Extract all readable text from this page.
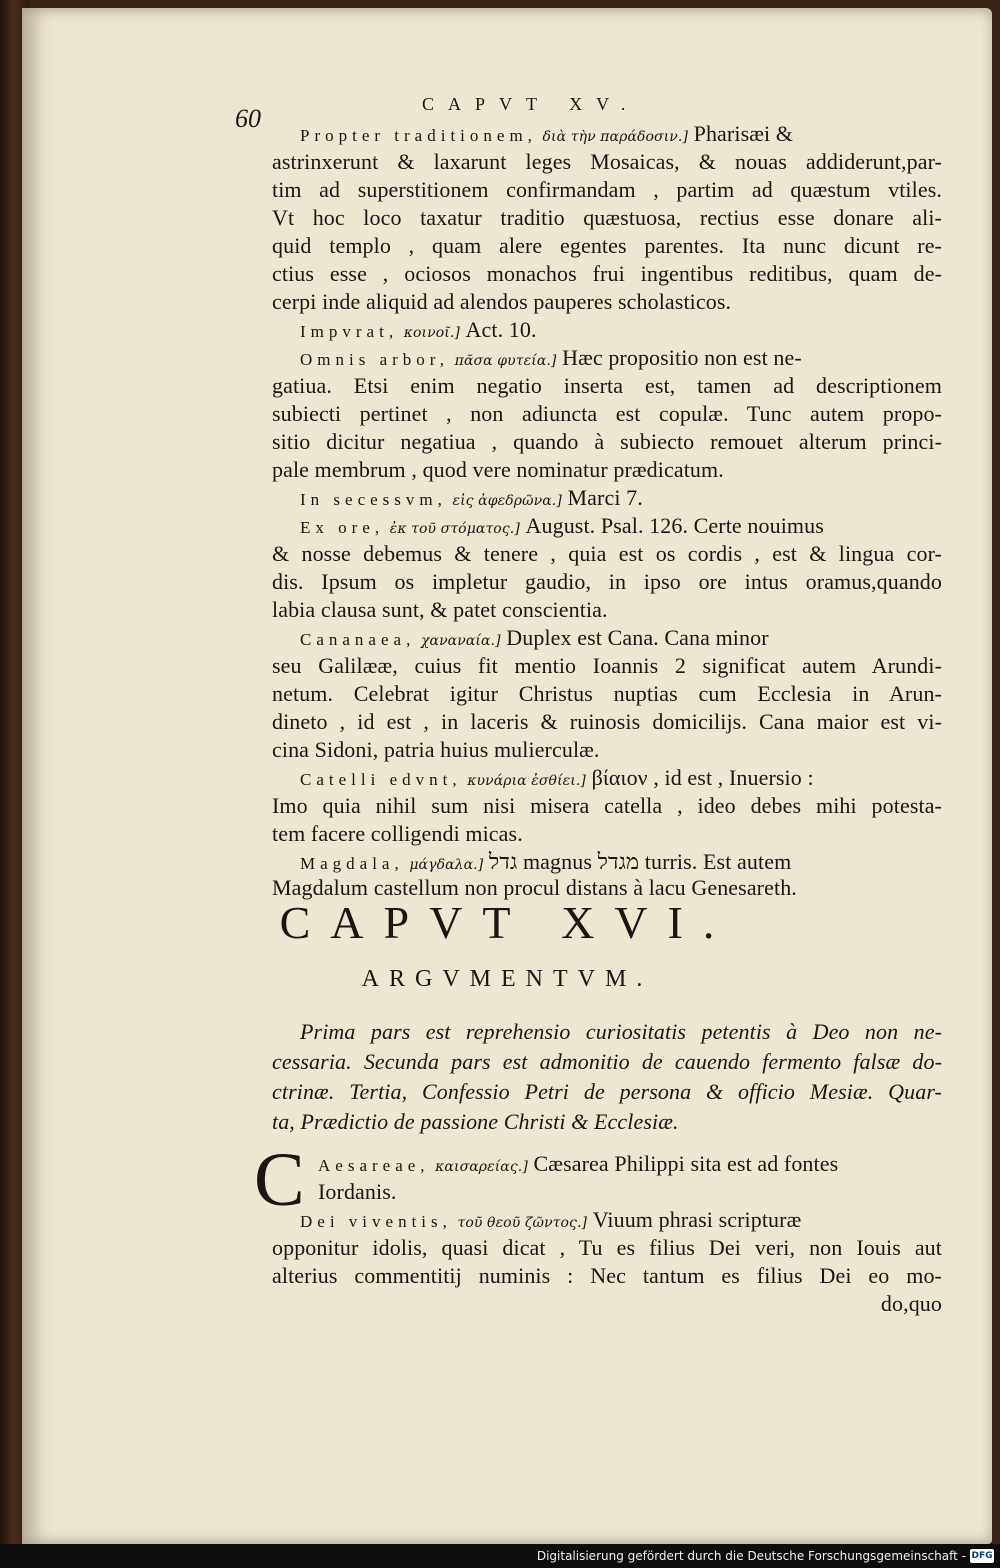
60	CAPVT XV.
Propter traditionem, διὰ τὴν παράδοσιν.] Pharisæi &
astrinxerunt & laxarunt leges Mosaicas, & nouas addiderunt,par-
tim ad superstitionem confirmandam , partim ad quæstum vtiles.
Vt hoc loco taxatur traditio quæstuosa, rectius esse donare ali-
quid templo , quam alere egentes parentes. Ita nunc dicunt re-
ctius esse , ociosos monachos frui ingentibus reditibus, quam de-
cerpi inde aliquid ad alendos pauperes scholasticos.
Impvrat, κοινοῖ.] Act. 10.
Omnis arbor, πᾶσα φυτεία.] Hæc propositio non est ne-
gatiua. Etsi enim negatio inserta est, tamen ad descriptionem
subiecti pertinet , non adiuncta est copulæ. Tunc autem propo-
sitio dicitur negatiua , quando à subiecto remouet alterum princi-
pale membrum , quod vere nominatur prædicatum.
In secessvm, εἰς ἀφεδρῶνα.] Marci 7.
Ex ore, ἐκ τοῦ στόματος.] August. Psal. 126. Certe nouimus
& nosse debemus & tenere , quia est os cordis , est & lingua cor-
dis. Ipsum os impletur gaudio, in ipso ore intus oramus,quando
labia clausa sunt, & patet conscientia.
Cananaea, χαναναία.] Duplex est Cana. Cana minor
seu Galilææ, cuius fit mentio Ioannis 2 significat autem Arundi-
netum. Celebrat igitur Christus nuptias cum Ecclesia in Arun-
dineto , id est , in laceris & ruinosis domicilijs. Cana maior est vi-
cina Sidoni, patria huius mulierculæ.
Catelli edvnt, κυνάρια ἐσθίει.] βίαιον , id est , Inuersio :
Imo quia nihil sum nisi misera catella , ideo debes mihi potesta-
tem facere colligendi micas.
Magdala, μάγδαλα.] גדל magnus מגדל turris. Est autem
Magdalum castellum non procul distans à lacu Genesareth.
CAPVT XVI.
ARGVMENTVM.
Prima pars est reprehensio curiositatis petentis à Deo non ne-
cessaria. Secunda pars est admonitio de cauendo fermento falsæ do-
ctrinæ. Tertia, Confessio Petri de persona & officio Mesiæ. Quar-
ta, Prædictio de passione Christi & Ecclesiæ.
C Aesareae, καισαρείας.] Cæsarea Philippi sita est ad fontes
Iordanis.
Dei viventis, τοῦ θεοῦ ζῶντος.] Viuum phrasi scripturæ
opponitur idolis, quasi dicat , Tu es filius Dei veri, non Iouis aut
alterius commentitij numinis : Nec tantum es filius Dei eo mo-
do,quo
Digitalisierung gefördert durch die Deutsche Forschungsgemeinschaft - DFG
